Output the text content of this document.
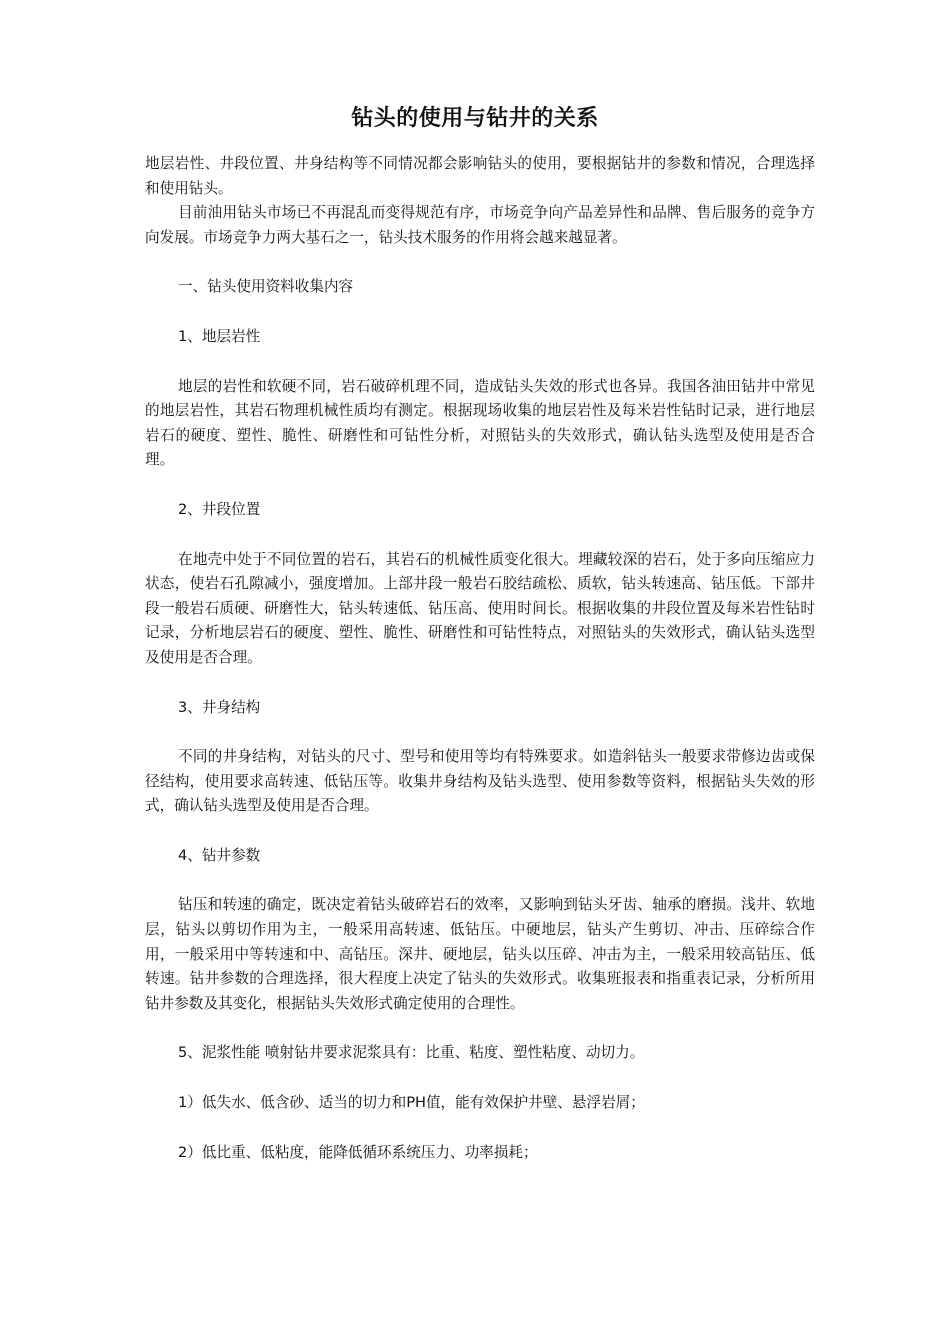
钻头的使用与钻井的关系

地层岩性、井段位置、井身结构等不同情况都会影响钻头的使用，要根据钻井的参数和情况，合理选择和使用钻头。

目前油用钻头市场已不再混乱而变得规范有序，市场竞争向产品差异性和品牌、售后服务的竞争方向发展。市场竞争力两大基石之一，钻头技术服务的作用将会越来越显著。

一、钻头使用资料收集内容

1、地层岩性

地层的岩性和软硬不同，岩石破碎机理不同，造成钻头失效的形式也各异。我国各油田钻井中常见的地层岩性，其岩石物理机械性质均有测定。根据现场收集的地层岩性及每米岩性钻时记录，进行地层岩石的硬度、塑性、脆性、研磨性和可钻性分析，对照钻头的失效形式，确认钻头选型及使用是否合理。

2、井段位置

在地壳中处于不同位置的岩石，其岩石的机械性质变化很大。埋藏较深的岩石，处于多向压缩应力状态，使岩石孔隙减小，强度增加。上部井段一般岩石胶结疏松、质软，钻头转速高、钻压低。下部井段一般岩石质硬、研磨性大，钻头转速低、钻压高、使用时间长。根据收集的井段位置及每米岩性钻时记录，分析地层岩石的硬度、塑性、脆性、研磨性和可钻性特点，对照钻头的失效形式，确认钻头选型及使用是否合理。

3、井身结构

不同的井身结构，对钻头的尺寸、型号和使用等均有特殊要求。如造斜钻头一般要求带修边齿或保径结构，使用要求高转速、低钻压等。收集井身结构及钻头选型、使用参数等资料，根据钻头失效的形式，确认钻头选型及使用是否合理。

4、钻井参数

钻压和转速的确定，既决定着钻头破碎岩石的效率，又影响到钻头牙齿、轴承的磨损。浅井、软地层，钻头以剪切作用为主，一般采用高转速、低钻压。中硬地层，钻头产生剪切、冲击、压碎综合作用，一般采用中等转速和中、高钻压。深井、硬地层，钻头以压碎、冲击为主，一般采用较高钻压、低转速。钻井参数的合理选择，很大程度上决定了钻头的失效形式。收集班报表和指重表记录，分析所用钻井参数及其变化，根据钻头失效形式确定使用的合理性。

5、泥浆性能 喷射钻井要求泥浆具有：比重、粘度、塑性粘度、动切力。

1）低失水、低含砂、适当的切力和PH值，能有效保护井壁、悬浮岩屑；

2）低比重、低粘度，能降低循环系统压力、功率损耗；
